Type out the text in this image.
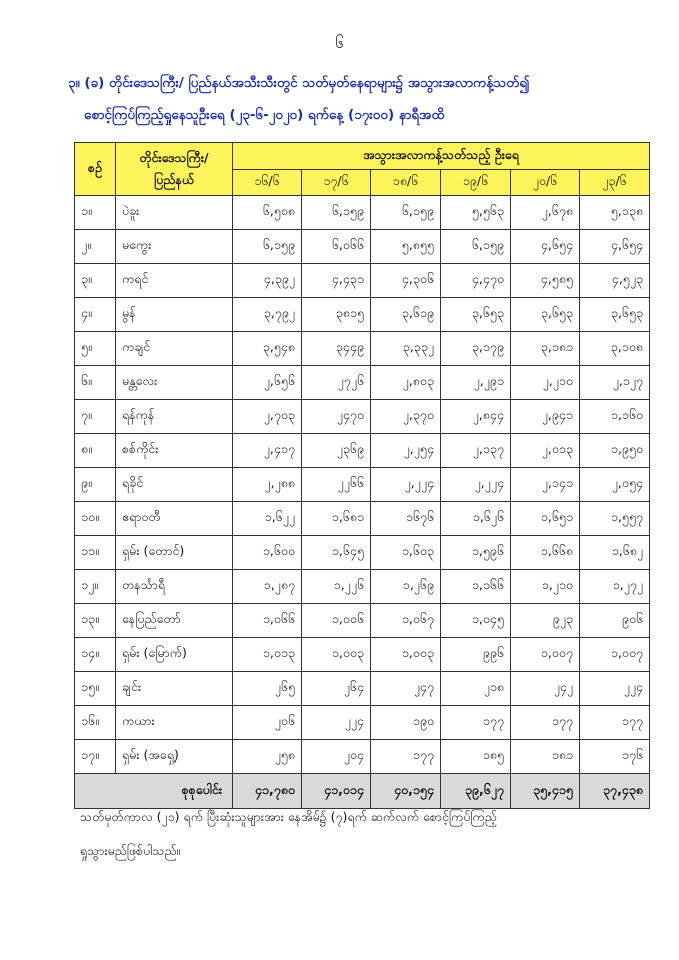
၆
၃။ (ခ) တိုင်းဒေသကြီး/ ပြည်နယ်အသီးသီးတွင် သတ်မှတ်နေရာများ၌ အသွားအလာကန့်သတ်၍
စောင့်ကြပ်ကြည့်ရှုနေသူဦးရေ (၂၃-၆-၂၀၂၀) ရက်နေ့ (၁၇း၀၀) နာရီအထိ
စဉ်	တိုင်းဒေသကြီး/ ပြည်နယ်	အသွားအလာကန့်သတ်သည့် ဦးရေ					
		၁၆/၆	၁၇/၆	၁၈/၆	၁၉/၆	၂၀/၆	၂၃/၆
၁။	ပဲခူး	၆,၅၀၈	၆,၁၅၉	၆,၁၅၉	၅,၅၆၃	၂,၆၇၈	၅,၁၃၈
၂။	မကွေး	၆,၁၅၉	၆,၀၆၆	၅,၈၅၅	၆,၁၅၉	၄,၆၅၄	၄,၆၅၄
၃။	ကရင်	၄,၃၉၂	၄,၄၃၁	၄,၃၀၆	၄,၄၇၀	၄,၅၈၅	၄,၅၂၃
၄။	မွန်	၃,၇၉၂	၃၈၁၅	၃,၆၁၉	၃,၆၅၃	၃,၆၅၃	၃,၆၅၃
၅။	ကချင်	၃,၅၄၈	၃၄၄၉	၃,၃၃၂	၃,၁၇၉	၃,၁၈၁	၃,၁၀၈
၆။	မန္တလေး	၂,၆၅၆	၂၇၂၆	၂,၈၀၃	၂,၂၉၁	၂,၂၁၀	၂,၁၂၇
၇။	ရန်ကုန်	၂,၇၀၃	၂၄၇၀	၂,၃၇၀	၂,၈၄၄	၂,၉၄၁	၁,၁၆၀
၈။	စစ်ကိုင်း	၂,၄၁၇	၂၃၆၉	၂,၂၅၄	၂,၁၃၇	၂,၀၁၃	၁,၉၅၀
၉။	ရခိုင်	၂,၂၈၈	၂၂၆၆	၂,၂၂၄	၂,၂၂၄	၂,၁၄၁	၂,၀၅၄
၁၀။	ဧရာဝတီ	၁,၆၂၂	၁,၆၈၁	၁၆၇၆	၁,၆၂၆	၁,၆၅၁	၁,၅၅၇
၁၁။	ရှမ်း (တောင်)	၁,၆၀၀	၁,၆၄၅	၁,၆၀၃	၁,၅၉၆	၁,၆၆၈	၁,၆၈၂
၁၂။	တနင်္သာရီ	၁,၂၈၇	၁,၂၂၆	၁,၂၆၉	၁,၁၆၆	၁,၂၁၀	၁,၂၇၂
၁၃။	နေပြည်တော်	၁,၀၆၆	၁,၀၀၆	၁,၀၆၇	၁,၀၄၅	၉၂၃	၉၀၆
၁၄။	ရှမ်း (မြောက်)	၁,၀၁၃	၁,၀၀၃	၁,၀၀၃	၉၉၆	၁,၀၀၇	၁,၀၀၇
၁၅။	ချင်း	၂၆၅	၂၆၄	၂၄၇	၂၁၈	၂၄၂	၂၂၄
၁၆။	ကယား	၂၀၆	၂၂၄	၁၉၀	၁၇၇	၁၇၇	၁၇၇
၁၇။	ရှမ်း (အရှေ့)	၂၅၈	၂၀၄	၁၇၇	၁၈၅	၁၈၁	၁၇၆
စုစုပေါင်း		၄၁,၇၈၀	၄၁,၀၁၄	၄၀,၁၅၄	၃၉,၆၂၇	၃၅,၄၁၅	၃၇,၄၃၈
သတ်မှတ်ကာလ (၂၁) ရက် ပြီးဆုံးသူများအား နေအိမ်၌ (၇)ရက် ဆက်လက် စောင့်ကြပ်ကြည့်
ရှုသွားမည်ဖြစ်ပါသည်။
